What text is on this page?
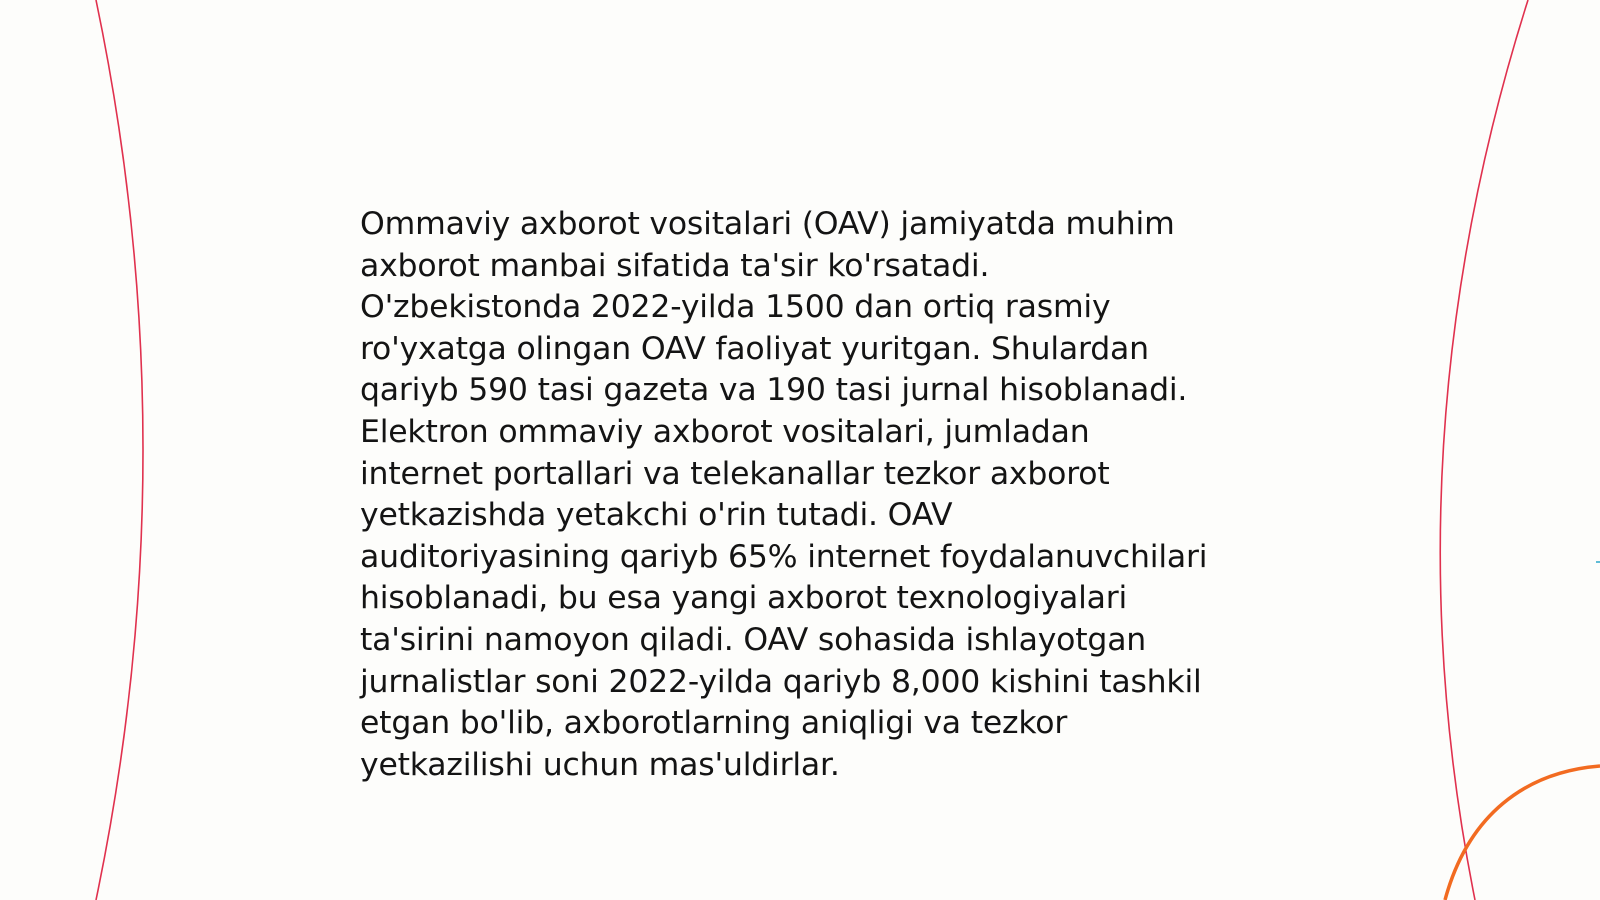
Ommaviy axborot vositalari (OAV) jamiyatda muhim
axborot manbai sifatida ta'sir ko'rsatadi.
O'zbekistonda 2022-yilda 1500 dan ortiq rasmiy
ro'yxatga olingan OAV faoliyat yuritgan. Shulardan
qariyb 590 tasi gazeta va 190 tasi jurnal hisoblanadi.
Elektron ommaviy axborot vositalari, jumladan
internet portallari va telekanallar tezkor axborot
yetkazishda yetakchi o'rin tutadi. OAV
auditoriyasining qariyb 65% internet foydalanuvchilari
hisoblanadi, bu esa yangi axborot texnologiyalari
ta'sirini namoyon qiladi. OAV sohasida ishlayotgan
jurnalistlar soni 2022-yilda qariyb 8,000 kishini tashkil
etgan bo'lib, axborotlarning aniqligi va tezkor
yetkazilishi uchun mas'uldirlar.
